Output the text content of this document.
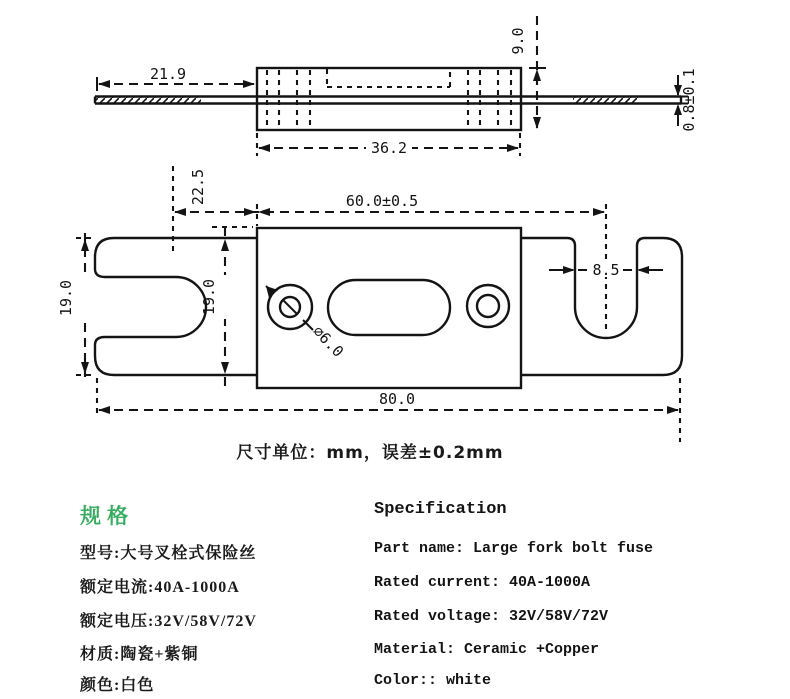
21.9
36.2
9.0
0.8±0.1
22.5	60.0±0.5
19.0	19.0
⌀6.0
8.5
80.0
尺寸单位：mm，误差±0.2mm
规格	Specification
型号:大号叉栓式保险丝	Part name: Large fork bolt fuse
额定电流:40A-1000A	Rated current: 40A-1000A
额定电压:32V/58V/72V	Rated voltage: 32V/58V/72V
材质:陶瓷+紫铜	Material: Ceramic +Copper
颜色:白色	Color:: white
